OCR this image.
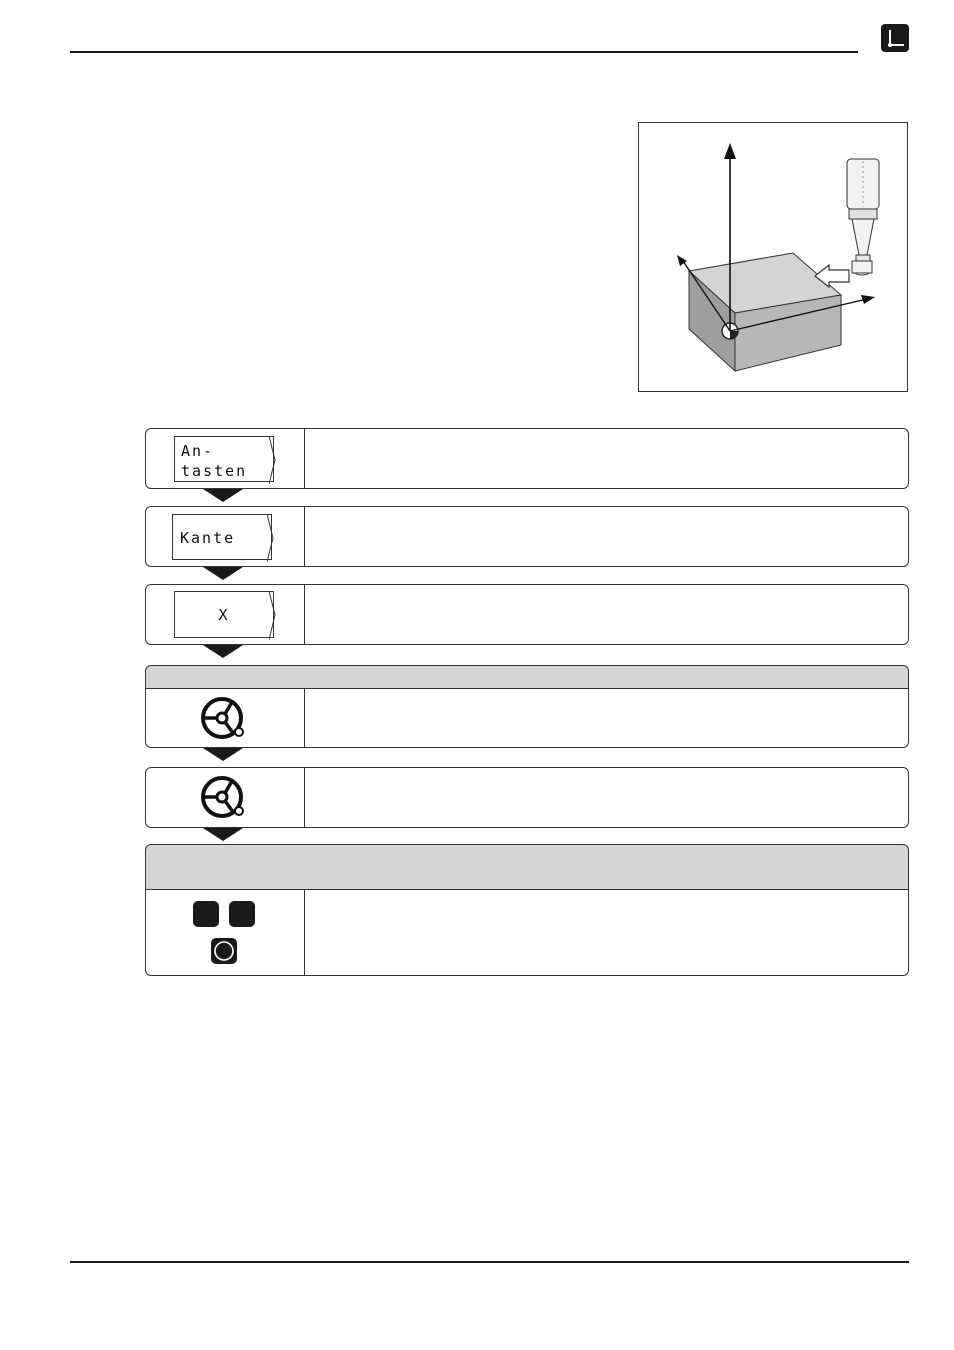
An-
tasten
Kante
X
